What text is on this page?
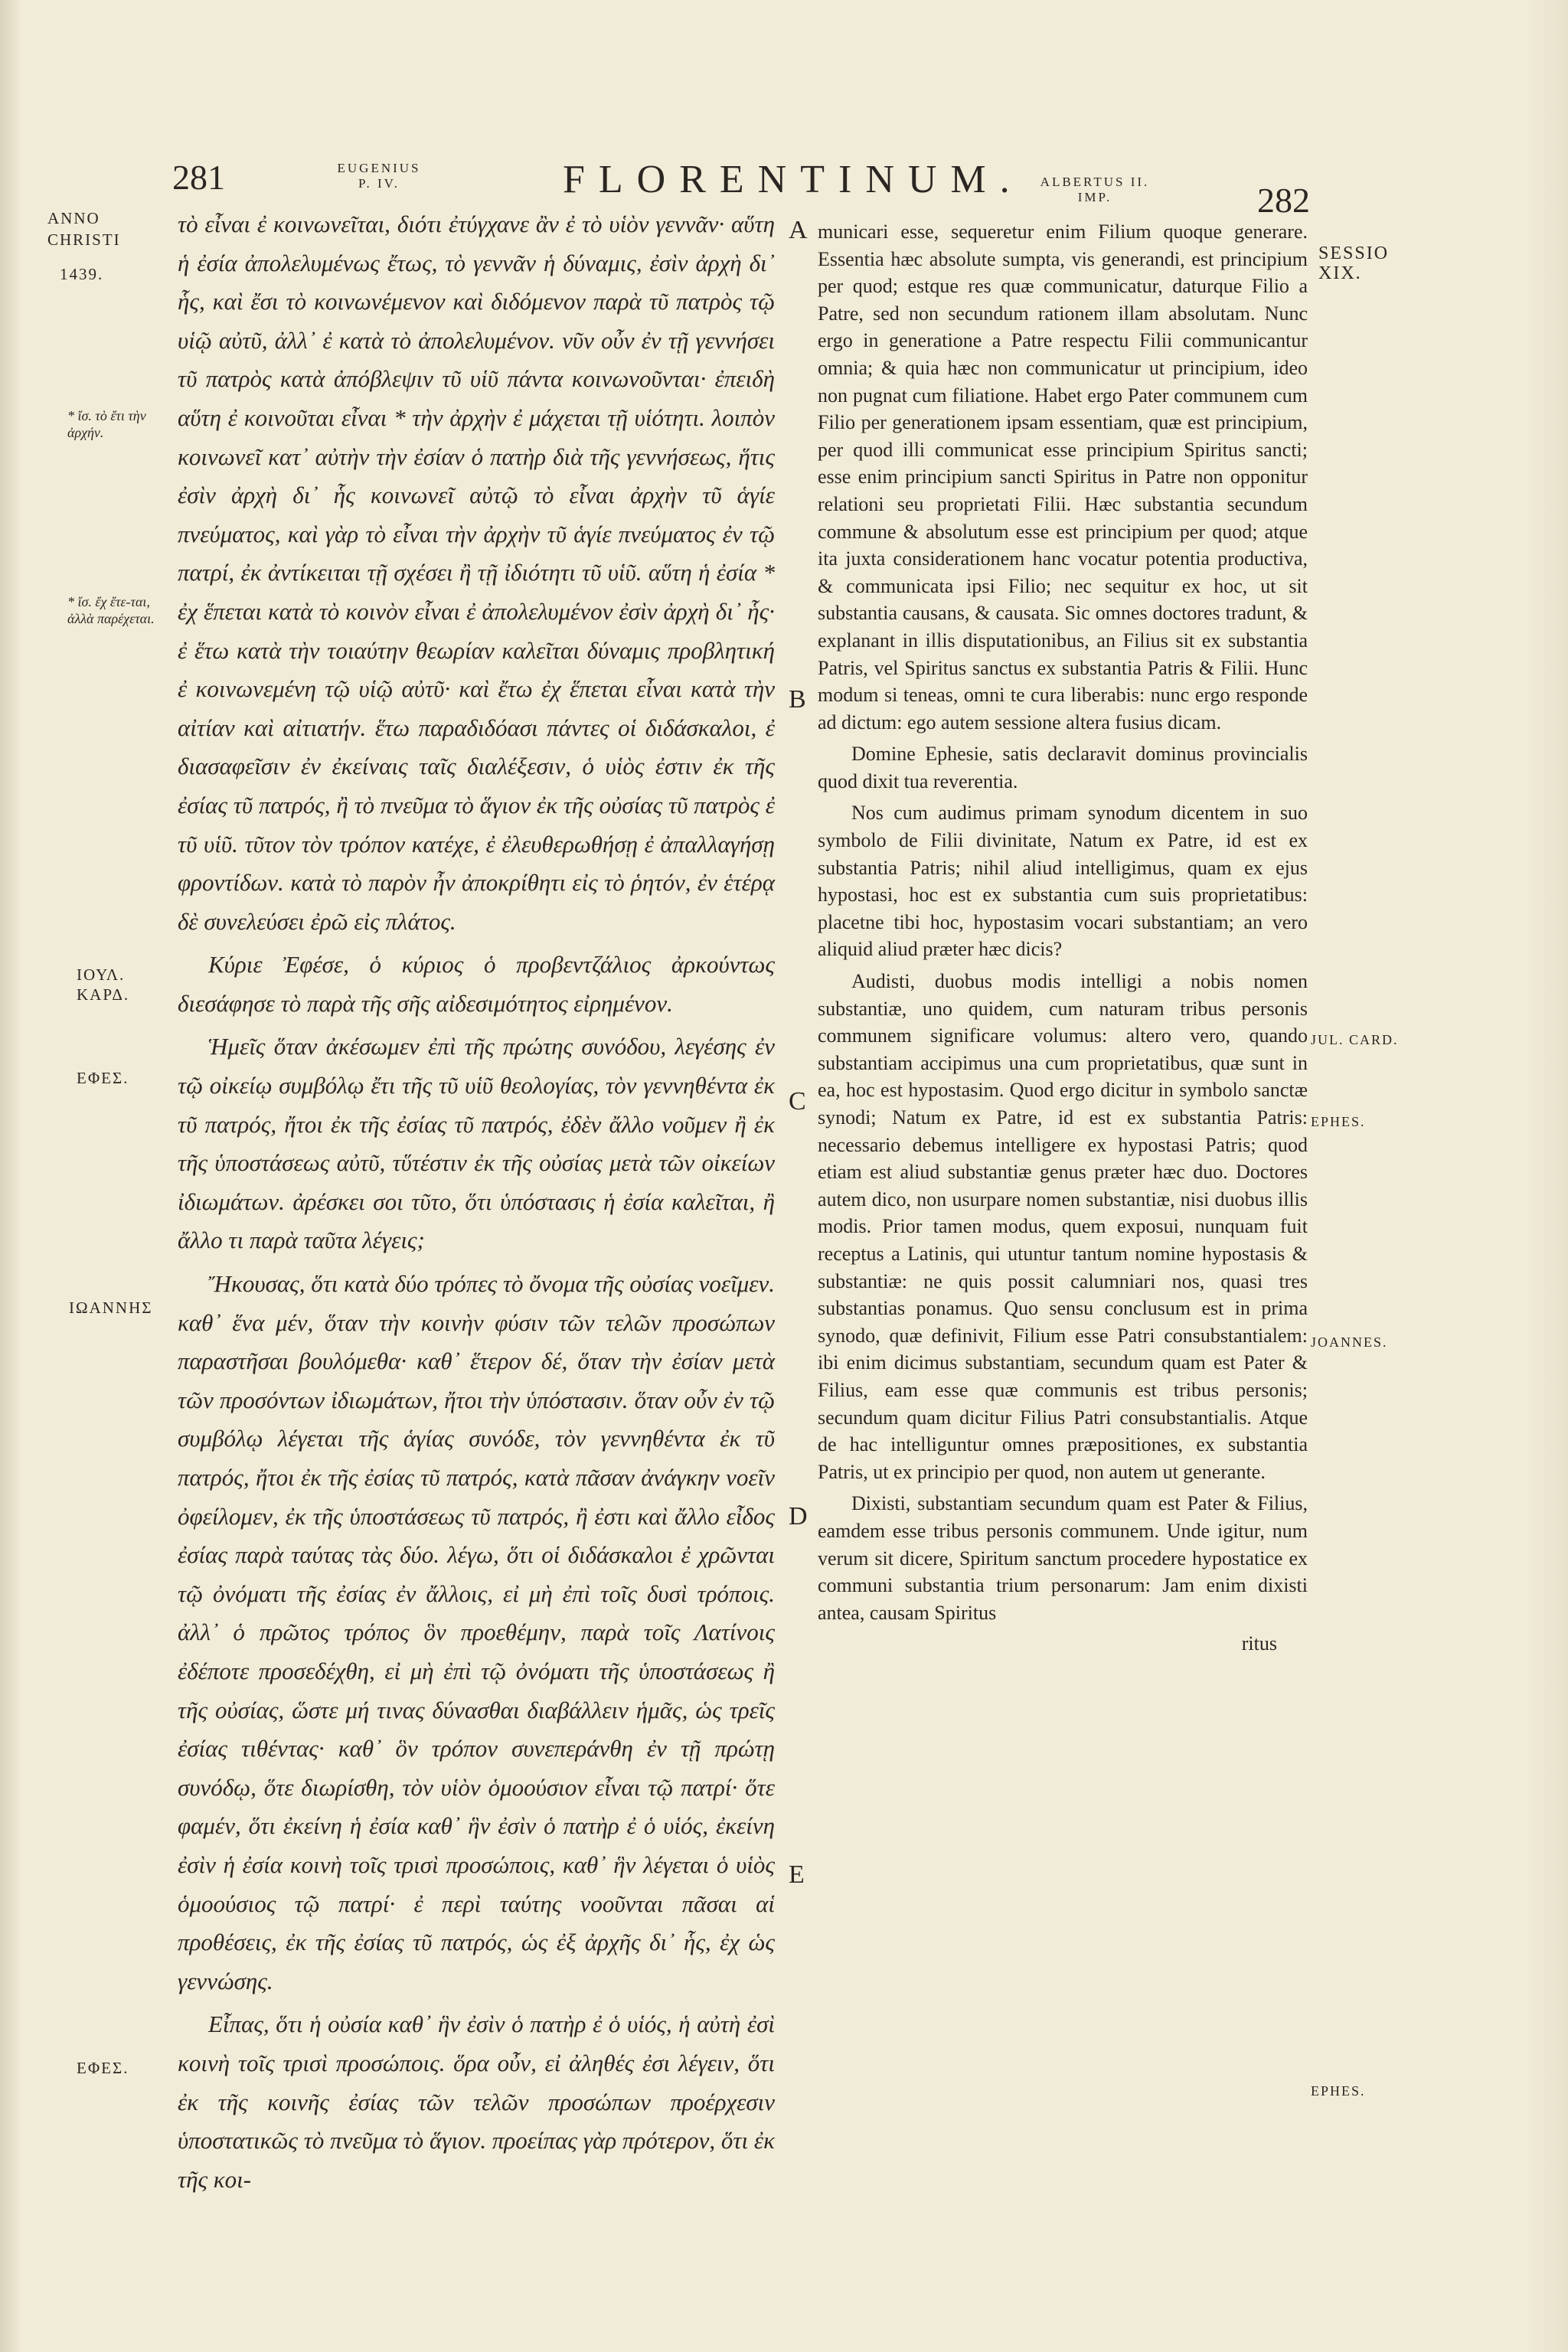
281	EUGENIUS P. IV.	FLORENTINUM.	ALBERTUS II. IMP.	282
ANNO
CHRISTI
1439.
* ἴσ. τὸ ἔτι τὴν ἀρχήν.
* ἴσ. ἔχ ἔτε-ται, ἀλλὰ παρέχεται.
ΙΟΥΛ. ΚΑΡΔ.
ΕΦΕΣ.
ΙΩΑΝΝΗΣ
ΕΦΕΣ.
SESSIO XIX.
JUL. CARD.
EPHES.
JOANNES.
EPHES.
A
B
C
D
E

τὸ εἶναι ἐ κοινωνεῖται, διότι ἐτύγχανε ἂν ἐ τὸ υἱὸν γεννᾶν· αὕτη ἡ ἐσία ἀπολελυμένως ἔτως, τὸ γεννᾶν ἡ δύναμις, ἐσὶν ἀρχὴ δι᾽ ἧς, καὶ ἔσι τὸ κοινωνέμενον καὶ διδόμενον παρὰ τῦ πατρὸς τῷ υἱῷ αὐτῦ, ἀλλ᾽ ἐ κατὰ τὸ ἀπολελυμένον. νῦν οὖν ἐν τῇ γεννήσει τῦ πατρὸς κατὰ ἀπόβλεψιν τῦ υἱῦ πάντα κοινωνοῦνται· ἐπειδὴ αὕτη ἐ κοινοῦται εἶναι * τὴν ἀρχὴν ἐ μάχεται τῇ υἱότητι. λοιπὸν κοινωνεῖ κατ᾽ αὐτὴν τὴν ἐσίαν ὁ πατὴρ διὰ τῆς γεννήσεως, ἥτις ἐσὶν ἀρχὴ δι᾽ ἧς κοινωνεῖ αὐτῷ τὸ εἶναι ἀρχὴν τῦ ἁγίε πνεύματος, καὶ γὰρ τὸ εἶναι τὴν ἀρχὴν τῦ ἁγίε πνεύματος ἐν τῷ πατρί, ἐκ ἀντίκειται τῇ σχέσει ἢ τῇ ἰδιότητι τῦ υἱῦ. αὕτη ἡ ἐσία * ἐχ ἕπεται κατὰ τὸ κοινὸν εἶναι ἐ ἀπολελυμένον ἐσὶν ἀρχὴ δι᾽ ἧς· ἐ ἕτω κατὰ τὴν τοιαύτην θεωρίαν καλεῖται δύναμις προβλητική ἐ κοινωνεμένη τῷ υἱῷ αὐτῦ· καὶ ἔτω ἐχ ἕπεται εἶναι κατὰ τὴν αἰτίαν καὶ αἰτιατήν. ἕτω παραδιδόασι πάντες οἱ διδάσκαλοι, ἐ διασαφεῖσιν ἐν ἐκείναις ταῖς διαλέξεσιν, ὁ υἱὸς ἐστιν ἐκ τῆς ἐσίας τῦ πατρός, ἢ τὸ πνεῦμα τὸ ἅγιον ἐκ τῆς οὐσίας τῦ πατρὸς ἐ τῦ υἱῦ. τῦτον τὸν τρόπον κατέχε, ἐ ἐλευθερωθήσῃ ἐ ἀπαλλαγήσῃ φροντίδων. κατὰ τὸ παρὸν ἦν ἀποκρίθητι εἰς τὸ ῥητόν, ἐν ἑτέρᾳ δὲ συνελεύσει ἐρῶ εἰς πλάτος.

Κύριε Ἐφέσε, ὁ κύριος ὁ προβεντζάλιος ἀρκούντως διεσάφησε τὸ παρὰ τῆς σῆς αἰδεσιμότητος εἰρημένον.

Ἡμεῖς ὅταν ἀκέσωμεν ἐπὶ τῆς πρώτης συνόδου, λεγέσης ἐν τῷ οἰκείῳ συμβόλῳ ἔτι τῆς τῦ υἱῦ θεολογίας, τὸν γεννηθέντα ἐκ τῦ πατρός, ἤτοι ἐκ τῆς ἐσίας τῦ πατρός, ἐδὲν ἄλλο νοῦμεν ἢ ἐκ τῆς ὑποστάσεως αὐτῦ, τὕτέστιν ἐκ τῆς οὐσίας μετὰ τῶν οἰκείων ἰδιωμάτων. ἀρέσκει σοι τῦτο, ὅτι ὑπόστασις ἡ ἐσία καλεῖται, ἢ ἄλλο τι παρὰ ταῦτα λέγεις;

Ἤκουσας, ὅτι κατὰ δύο τρόπες τὸ ὄνομα τῆς οὐσίας νοεῖμεν. καθ᾽ ἕνα μέν, ὅταν τὴν κοινὴν φύσιν τῶν τελῶν προσώπων παραστῆσαι βουλόμεθα· καθ᾽ ἕτερον δέ, ὅταν τὴν ἐσίαν μετὰ τῶν προσόντων ἰδιωμάτων, ἤτοι τὴν ὑπόστασιν. ὅταν οὖν ἐν τῷ συμβόλῳ λέγεται τῆς ἁγίας συνόδε, τὸν γεννηθέντα ἐκ τῦ πατρός, ἤτοι ἐκ τῆς ἐσίας τῦ πατρός, κατὰ πᾶσαν ἀνάγκην νοεῖν ὀφείλομεν, ἐκ τῆς ὑποστάσεως τῦ πατρός, ἢ ἐστι καὶ ἄλλο εἶδος ἐσίας παρὰ ταύτας τὰς δύο. λέγω, ὅτι οἱ διδάσκαλοι ἐ χρῶνται τῷ ὀνόματι τῆς ἐσίας ἐν ἄλλοις, εἰ μὴ ἐπὶ τοῖς δυσὶ τρόποις. ἀλλ᾽ ὁ πρῶτος τρόπος ὃν προεθέμην, παρὰ τοῖς Λατίνοις ἐδέποτε προσεδέχθη, εἰ μὴ ἐπὶ τῷ ὀνόματι τῆς ὑποστάσεως ἢ τῆς οὐσίας, ὥστε μή τινας δύνασθαι διαβάλλειν ἡμᾶς, ὡς τρεῖς ἐσίας τιθέντας· καθ᾽ ὃν τρόπον συνεπεράνθη ἐν τῇ πρώτῃ συνόδῳ, ὅτε διωρίσθη, τὸν υἱὸν ὁμοούσιον εἶναι τῷ πατρί· ὅτε φαμέν, ὅτι ἐκείνη ἡ ἐσία καθ᾽ ἣν ἐσὶν ὁ πατὴρ ἐ ὁ υἱός, ἐκείνη ἐσὶν ἡ ἐσία κοινὴ τοῖς τρισὶ προσώποις, καθ᾽ ἣν λέγεται ὁ υἱὸς ὁμοούσιος τῷ πατρί· ἐ περὶ ταύτης νοοῦνται πᾶσαι αἱ προθέσεις, ἐκ τῆς ἐσίας τῦ πατρός, ὡς ἐξ ἀρχῆς δι᾽ ἧς, ἐχ ὡς γεννώσης.

Εἶπας, ὅτι ἡ οὐσία καθ᾽ ἣν ἐσὶν ὁ πατὴρ ἐ ὁ υἱός, ἡ αὐτὴ ἐσὶ κοινὴ τοῖς τρισὶ προσώποις. ὅρα οὖν, εἰ ἀληθές ἐσι λέγειν, ὅτι ἐκ τῆς κοινῆς ἐσίας τῶν τελῶν προσώπων προέρχεσιν ὑποστατικῶς τὸ πνεῦμα τὸ ἅγιον. προείπας γὰρ πρότερον, ὅτι ἐκ τῆς κοι-

municari esse, sequeretur enim Filium quoque generare. Essentia hæc absolute sumpta, vis generandi, est principium per quod; estque res quæ communicatur, daturque Filio a Patre, sed non secundum rationem illam absolutam. Nunc ergo in generatione a Patre respectu Filii communicantur omnia; & quia hæc non communicatur ut principium, ideo non pugnat cum filiatione. Habet ergo Pater communem cum Filio per generationem ipsam essentiam, quæ est principium, per quod illi communicat esse principium Spiritus sancti; esse enim principium sancti Spiritus in Patre non opponitur relationi seu proprietati Filii. Hæc substantia secundum commune & absolutum esse est principium per quod; atque ita juxta considerationem hanc vocatur potentia productiva, & communicata ipsi Filio; nec sequitur ex hoc, ut sit substantia causans, & causata. Sic omnes doctores tradunt, & explanant in illis disputationibus, an Filius sit ex substantia Patris, vel Spiritus sanctus ex substantia Patris & Filii. Hunc modum si teneas, omni te cura liberabis: nunc ergo responde ad dictum: ego autem sessione altera fusius dicam.

Domine Ephesie, satis declaravit dominus provincialis quod dixit tua reverentia.

Nos cum audimus primam synodum dicentem in suo symbolo de Filii divinitate, Natum ex Patre, id est ex substantia Patris; nihil aliud intelligimus, quam ex ejus hypostasi, hoc est ex substantia cum suis proprietatibus: placetne tibi hoc, hypostasim vocari substantiam; an vero aliquid aliud præter hæc dicis?

Audisti, duobus modis intelligi a nobis nomen substantiæ, uno quidem, cum naturam tribus personis communem significare volumus: altero vero, quando substantiam accipimus una cum proprietatibus, quæ sunt in ea, hoc est hypostasim. Quod ergo dicitur in symbolo sanctæ synodi; Natum ex Patre, id est ex substantia Patris: necessario debemus intelligere ex hypostasi Patris; quod etiam est aliud substantiæ genus præter hæc duo. Doctores autem dico, non usurpare nomen substantiæ, nisi duobus illis modis. Prior tamen modus, quem exposui, nunquam fuit receptus a Latinis, qui utuntur tantum nomine hypostasis & substantiæ: ne quis possit calumniari nos, quasi tres substantias ponamus. Quo sensu conclusum est in prima synodo, quæ definivit, Filium esse Patri consubstantialem: ibi enim dicimus substantiam, secundum quam est Pater & Filius, eam esse quæ communis est tribus personis; secundum quam dicitur Filius Patri consubstantialis. Atque de hac intelliguntur omnes præpositiones, ex substantia Patris, ut ex principio per quod, non autem ut generante.

Dixisti, substantiam secundum quam est Pater & Filius, eamdem esse tribus personis communem. Unde igitur, num verum sit dicere, Spiritum sanctum procedere hypostatice ex communi substantia trium personarum: Jam enim dixisti antea, causam Spiritus

ritus
